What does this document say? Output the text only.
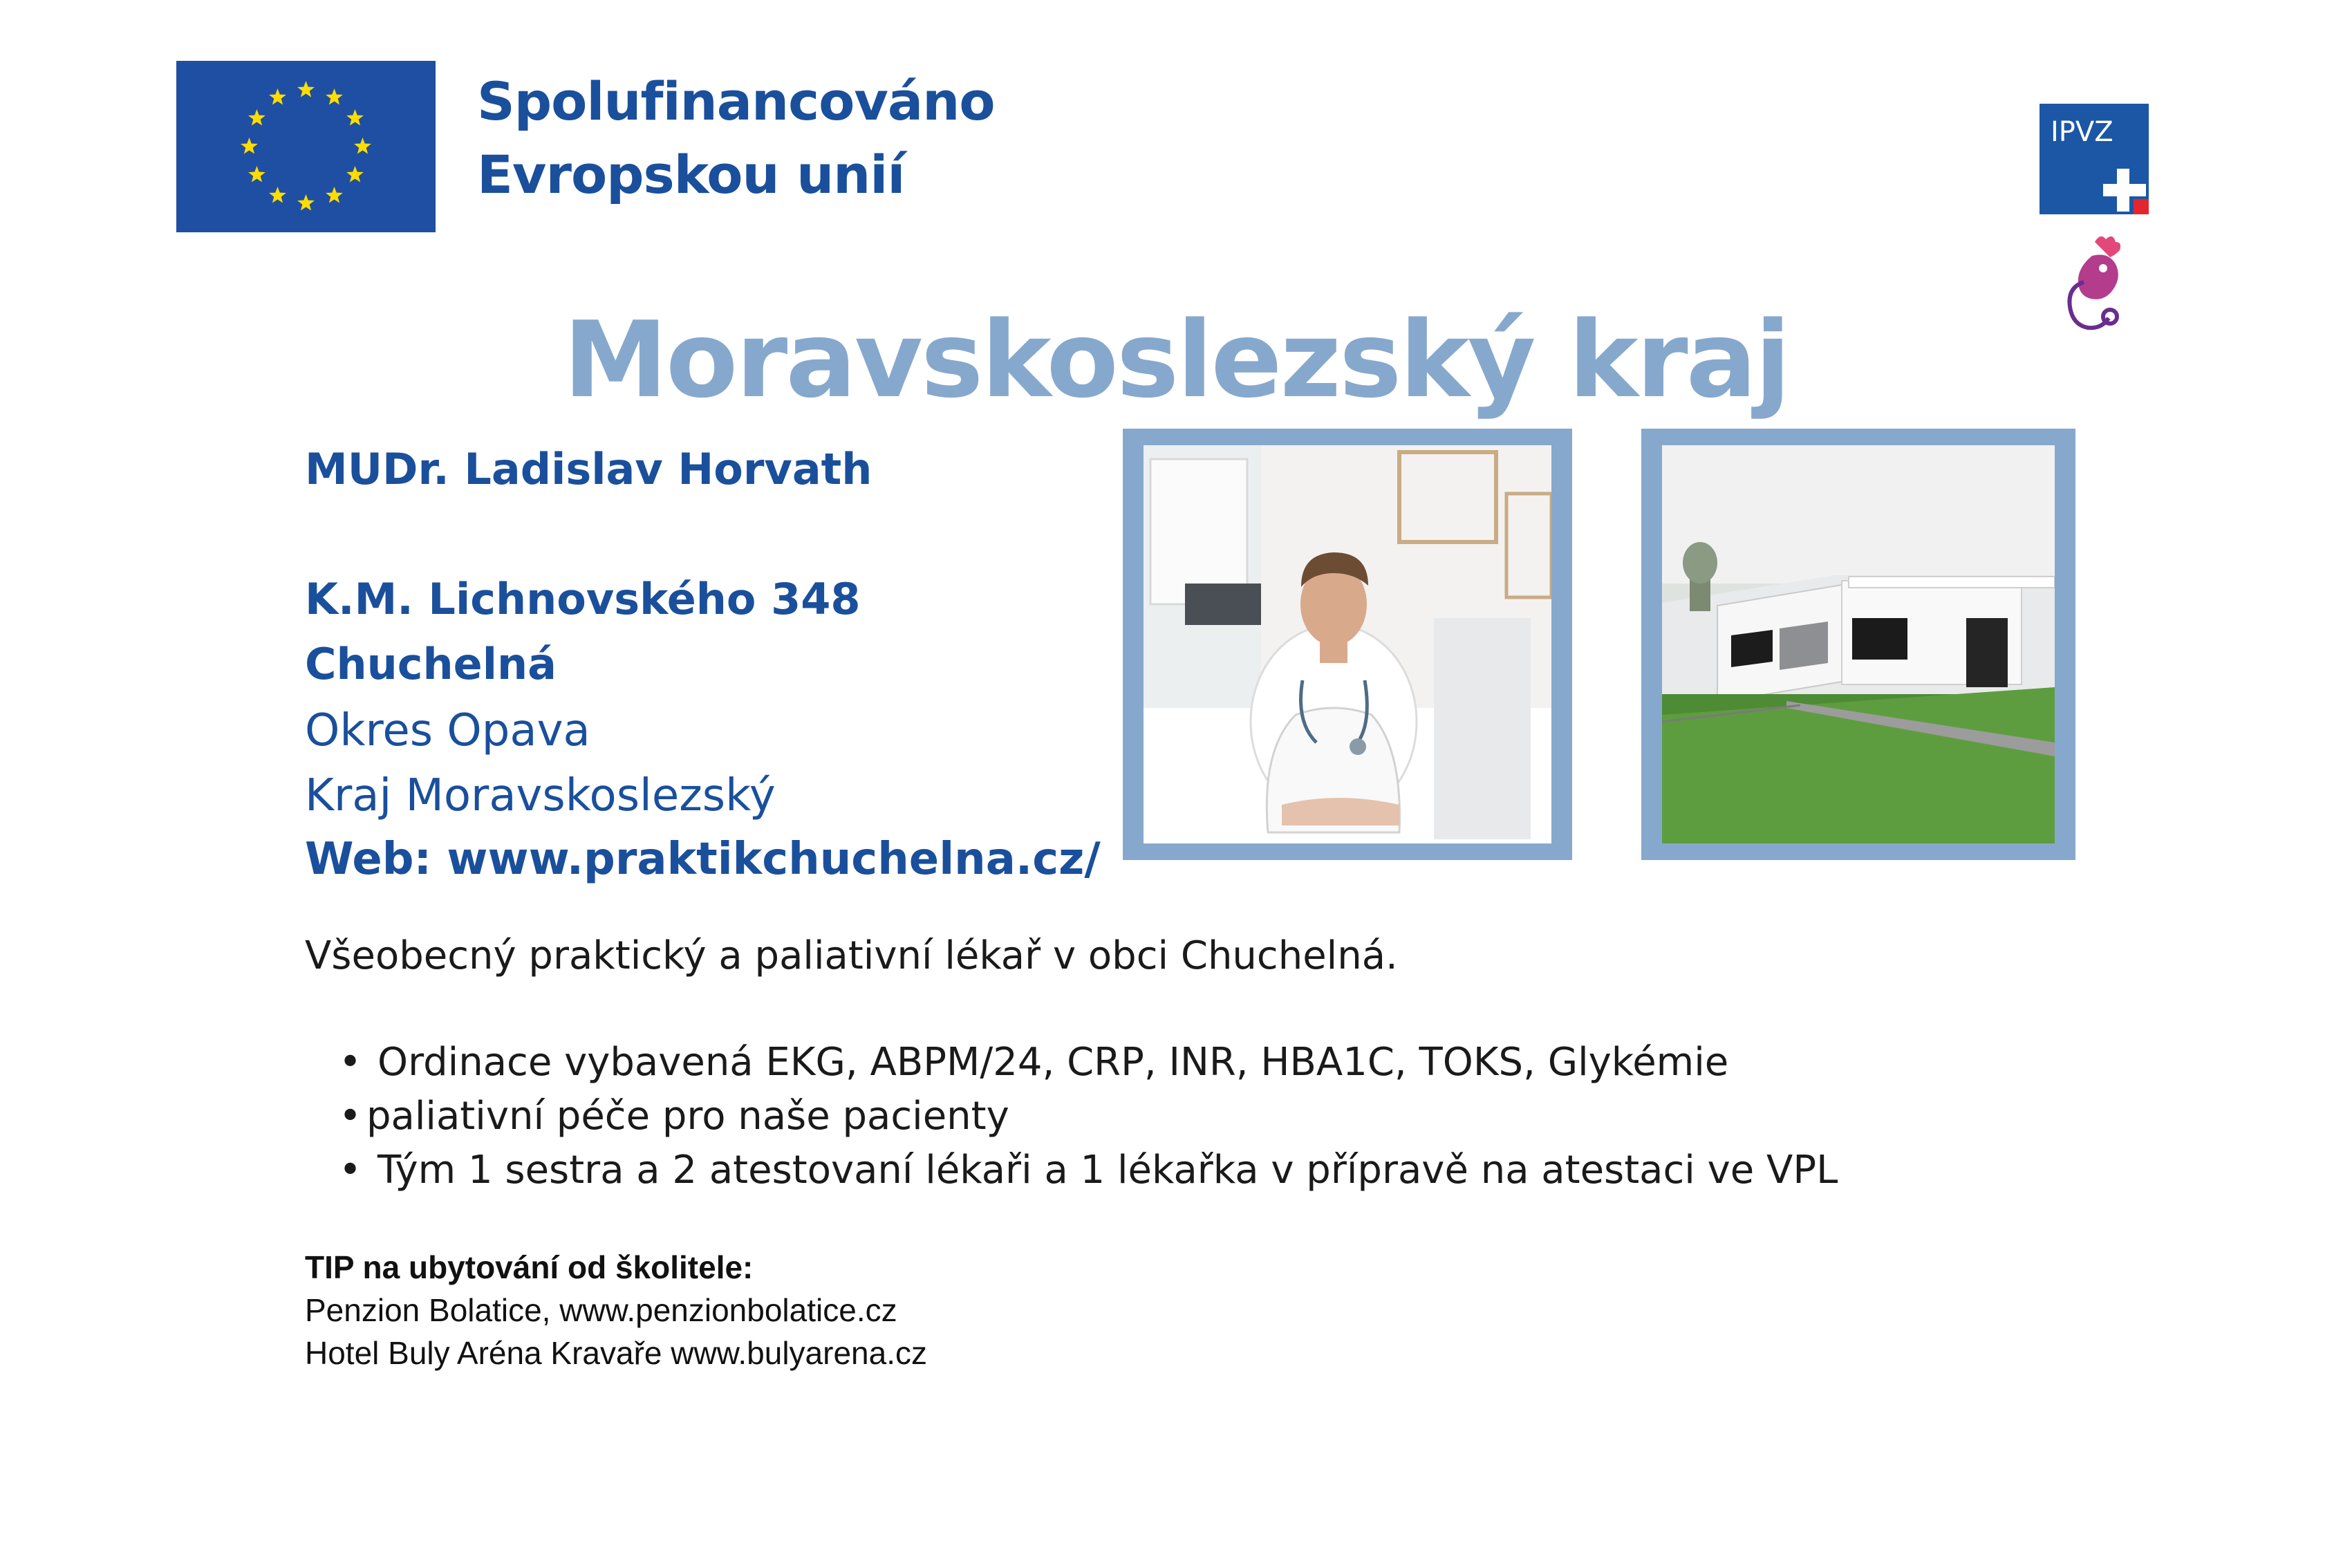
Spolufinancováno
Evropskou unií
IPVZ
Moravskoslezský kraj
MUDr. Ladislav Horvath
K.M. Lichnovského 348
Chuchelná
Okres Opava
Kraj Moravskoslezský
Web: www.praktikchuchelna.cz/
Všeobecný praktický a paliativní lékař v obci Chuchelná.
• Ordinace vybavená EKG, ABPM/24, CRP, INR, HBA1C, TOKS, Glykémie
• paliativní péče pro naše pacienty
• Tým 1 sestra a 2 atestovaní lékaři a 1 lékařka v přípravě na atestaci ve VPL
TIP na ubytování od školitele:
Penzion Bolatice, www.penzionbolatice.cz
Hotel Buly Aréna Kravaře www.bulyarena.cz
